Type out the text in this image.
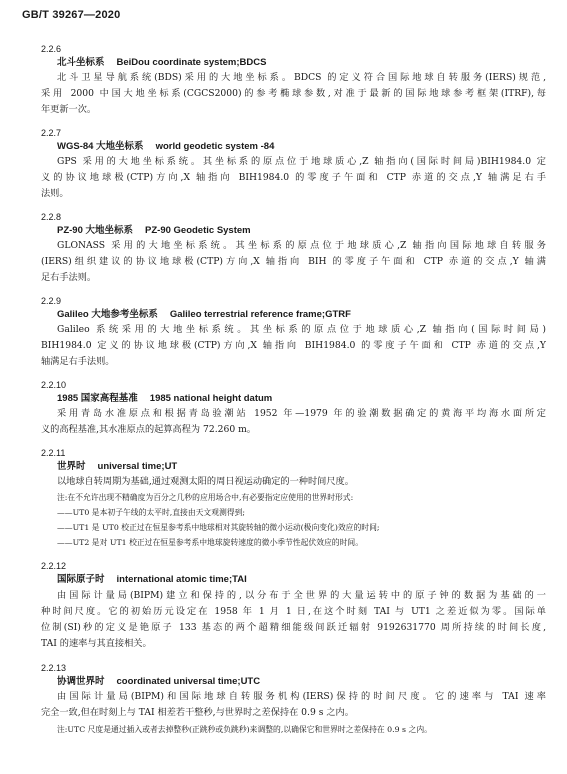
GB/T 39267—2020
2.2.6
北斗坐标系 BeiDou coordinate system;BDCS
北斗卫星导航系统(BDS)采用的大地坐标系。BDCS 的定义符合国际地球自转服务(IERS)规范,
采用 2000 中国大地坐标系(CGCS2000)的参考椭球参数,对准于最新的国际地球参考框架(ITRF),每
年更新一次。
2.2.7
WGS-84 大地坐标系 world geodetic system -84
GPS 采用的大地坐标系统。其坐标系的原点位于地球质心,Z 轴指向(国际时间局)BIH1984.0 定
义的协议地球极(CTP)方向,X 轴指向 BIH1984.0 的零度子午面和 CTP 赤道的交点,Y 轴满足右手
法则。
2.2.8
PZ-90 大地坐标系 PZ-90 Geodetic System
GLONASS 采用的大地坐标系统。其坐标系的原点位于地球质心,Z 轴指向国际地球自转服务
(IERS)组织建议的协议地球极(CTP)方向,X 轴指向 BIH 的零度子午面和 CTP 赤道的交点,Y 轴满
足右手法则。
2.2.9
Galileo 大地参考坐标系 Galileo terrestrial reference frame;GTRF
Galileo 系统采用的大地坐标系统。其坐标系的原点位于地球质心,Z 轴指向(国际时间局)
BIH1984.0 定义的协议地球极(CTP)方向,X 轴指向 BIH1984.0 的零度子午面和 CTP 赤道的交点,Y
轴满足右手法则。
2.2.10
1985 国家高程基准 1985 national height datum
采用青岛水准原点和根据青岛验潮站 1952 年—1979 年的验潮数据确定的黄海平均海水面所定
义的高程基准,其水准原点的起算高程为 72.260 m。
2.2.11
世界时 universal time;UT
以地球自转周期为基础,通过观测太阳的周日视运动确定的一种时间尺度。
注:在不允许出现不精确度为百分之几秒的应用场合中,有必要指定应使用的世界时形式:
——UT0 是本初子午线的太平时,直接由天文观测得到;
——UT1 是 UT0 校正过在恒星参考系中地球相对其旋转轴的微小运动(极向变化)效应的时间;
——UT2 是对 UT1 校正过在恒星参考系中地球旋转速度的微小季节性起伏效应的时间。
2.2.12
国际原子时 international atomic time;TAI
由国际计量局(BIPM)建立和保持的,以分布于全世界的大量运转中的原子钟的数据为基础的一
种时间尺度。它的初始历元设定在 1958 年 1 月 1 日,在这个时刻 TAI 与 UT1 之差近似为零。国际单
位制(SI)秒的定义是铯原子 133 基态的两个超精细能级间跃迁辐射 9192631770 周所持续的时间长度,
TAI 的速率与其直接相关。
2.2.13
协调世界时 coordinated universal time;UTC
由国际计量局(BIPM)和国际地球自转服务机构(IERS)保持的时间尺度。它的速率与 TAI 速率
完全一致,但在时刻上与 TAI 相差若干整秒,与世界时之差保持在 0.9 s 之内。
注:UTC 尺度是通过插入或者去掉整秒(正跳秒或负跳秒)来调整的,以确保它和世界时之差保持在 0.9 s 之内。
